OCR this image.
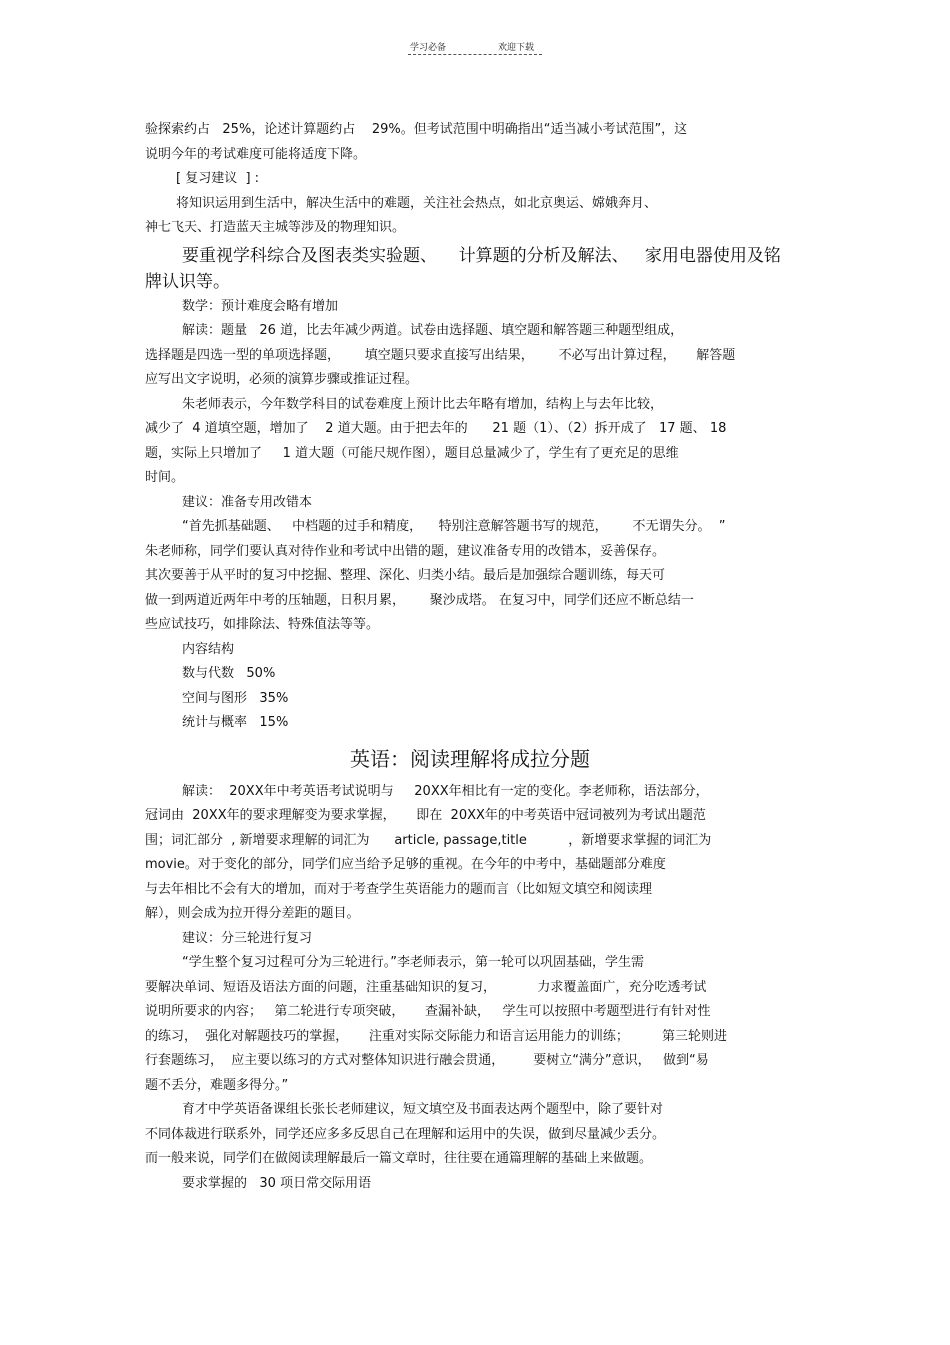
学习必备	欢迎下载
验探索约占   25%，论述计算题约占    29%。但考试范围中明确指出“适当减小考试范围”，这
说明今年的考试难度可能将适度下降。
[ 复习建议  ] :
将知识运用到生活中，解决生活中的难题，关注社会热点，如北京奥运、嫦娥奔月、
神七飞天、打造蓝天主城等涉及的物理知识。
要重视学科综合及图表类实验题、    计算题的分析及解法、   家用电器使用及铭
牌认识等。
数学：预计难度会略有增加
解读：题量   26 道，比去年减少两道。试卷由选择题、填空题和解答题三种题型组成，
选择题是四选一型的单项选择题，      填空题只要求直接写出结果，      不必写出计算过程，     解答题
应写出文字说明，必须的演算步骤或推证过程。
朱老师表示，今年数学科目的试卷难度上预计比去年略有增加，结构上与去年比较，
减少了  4 道填空题，增加了    2 道大题。由于把去年的      21 题（1）、（2）拆开成了   17 题、 18
题，实际上只增加了     1 道大题（可能尺规作图），题目总量减少了，学生有了更充足的思维
时间。
建议：准备专用改错本
“首先抓基础题、   中档题的过手和精度，    特别注意解答题书写的规范，      不无谓失分。  ”
朱老师称，同学们要认真对待作业和考试中出错的题，建议准备专用的改错本，妥善保存。
其次要善于从平时的复习中挖掘、整理、深化、归类小结。最后是加强综合题训练，每天可
做一到两道近两年中考的压轴题，日积月累，      聚沙成塔。 在复习中，同学们还应不断总结一
些应试技巧，如排除法、特殊值法等等。
内容结构
数与代数   50%
空间与图形   35%
统计与概率   15%
英语：阅读理解将成拉分题
解读：  20XX年中考英语考试说明与     20XX年相比有一定的变化。李老师称，语法部分，
冠词由  20XX年的要求理解变为要求掌握，     即在  20XX年的中考英语中冠词被列为考试出题范
围；词汇部分  , 新增要求理解的词汇为      article, passage,title          ，新增要求掌握的词汇为
movie。对于变化的部分，同学们应当给予足够的重视。在今年的中考中，基础题部分难度
与去年相比不会有大的增加，而对于考查学生英语能力的题而言（比如短文填空和阅读理
解），则会成为拉开得分差距的题目。
建议：分三轮进行复习
“学生整个复习过程可分为三轮进行。”李老师表示，第一轮可以巩固基础，学生需
要解决单词、短语及语法方面的问题，注重基础知识的复习，          力求覆盖面广，充分吃透考试
说明所要求的内容；   第二轮进行专项突破，     查漏补缺，   学生可以按照中考题型进行有针对性
的练习，  强化对解题技巧的掌握，     注重对实际交际能力和语言运用能力的训练；        第三轮则进
行套题练习，  应主要以练习的方式对整体知识进行融会贯通，       要树立“满分”意识，   做到“易
题不丢分，难题多得分。”
育才中学英语备课组长张长老师建议，短文填空及书面表达两个题型中，除了要针对
不同体裁进行联系外，同学还应多多反思自己在理解和运用中的失误，做到尽量减少丢分。
而一般来说，同学们在做阅读理解最后一篇文章时，往往要在通篇理解的基础上来做题。
要求掌握的   30 项日常交际用语
